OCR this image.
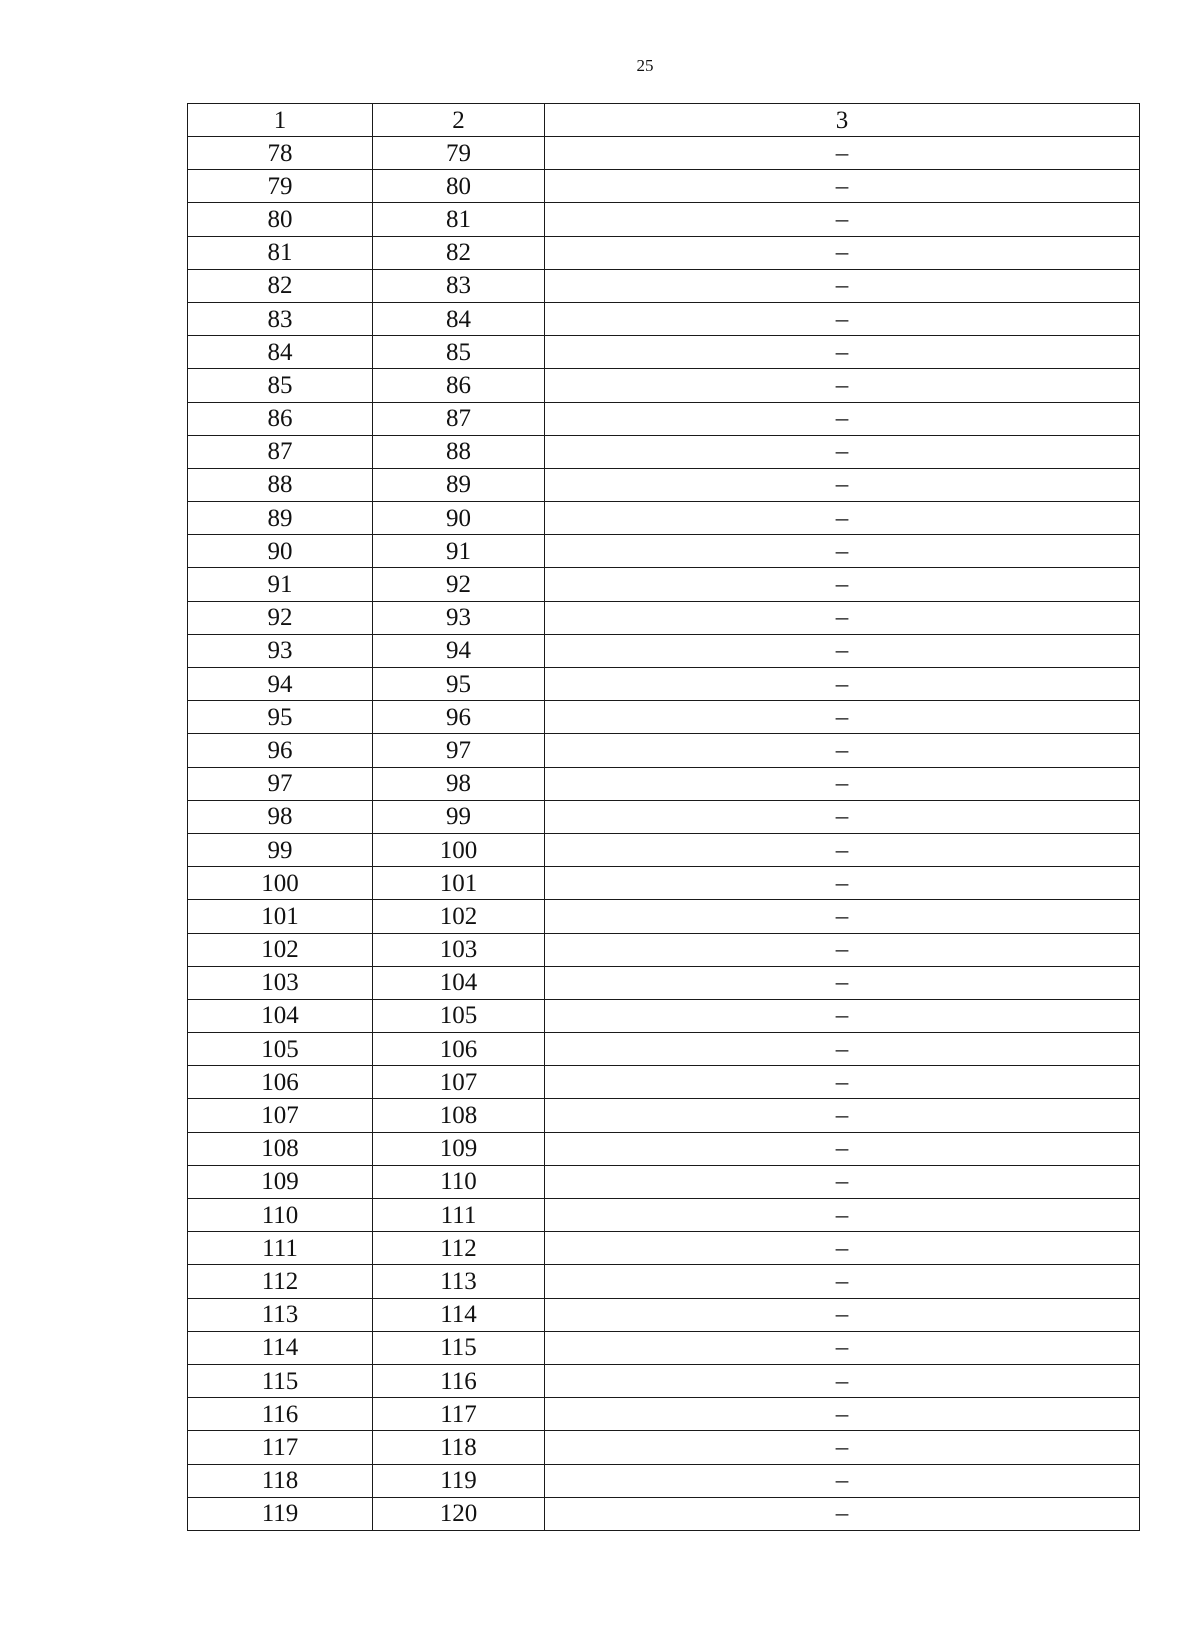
25
1	2	3
78	79	–
79	80	–
80	81	–
81	82	–
82	83	–
83	84	–
84	85	–
85	86	–
86	87	–
87	88	–
88	89	–
89	90	–
90	91	–
91	92	–
92	93	–
93	94	–
94	95	–
95	96	–
96	97	–
97	98	–
98	99	–
99	100	–
100	101	–
101	102	–
102	103	–
103	104	–
104	105	–
105	106	–
106	107	–
107	108	–
108	109	–
109	110	–
110	111	–
111	112	–
112	113	–
113	114	–
114	115	–
115	116	–
116	117	–
117	118	–
118	119	–
119	120	–
